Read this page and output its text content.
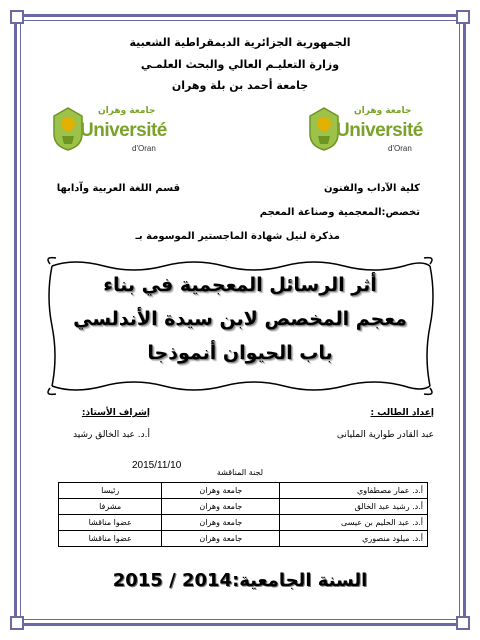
الجمهورية الجزائرية الديمقراطية الشعبية
وزارة التعليـم العالي والبحث العلمـي
جامعة أحمد بن بلة وهران
جامعة وهران
Université
d'Oran
جامعة وهران
Université
d'Oran
كلية الآداب والفنون
قسم اللغة العربية وآدابها
تخصص:المعجمية وصناعة المعجم
مذكرة لنيل شهادة الماجستير الموسومة بـ
أثر الرسائل المعجمية في بناء
معجم المخصص لابن سيدة الأندلسي
باب الحيوان أنموذجا
إعداد الطالب :
عبد القادر طوارية المليانى
إشراف الأستاذ:
أ.د. عبد الخالق رشيد
2015/11/10
لجنة المناقشة
أ.د. عمار مصطفاوي	جامعة وهران	رئيسا
أ.د. رشيد عبد الخالق	جامعة وهران	مشرفا
أ.د. عبد الحليم بن عيسى	جامعة وهران	عضوا مناقشا
أ.د. ميلود منصوري	جامعة وهران	عضوا مناقشا
السنة الجامعية:2014 / 2015
